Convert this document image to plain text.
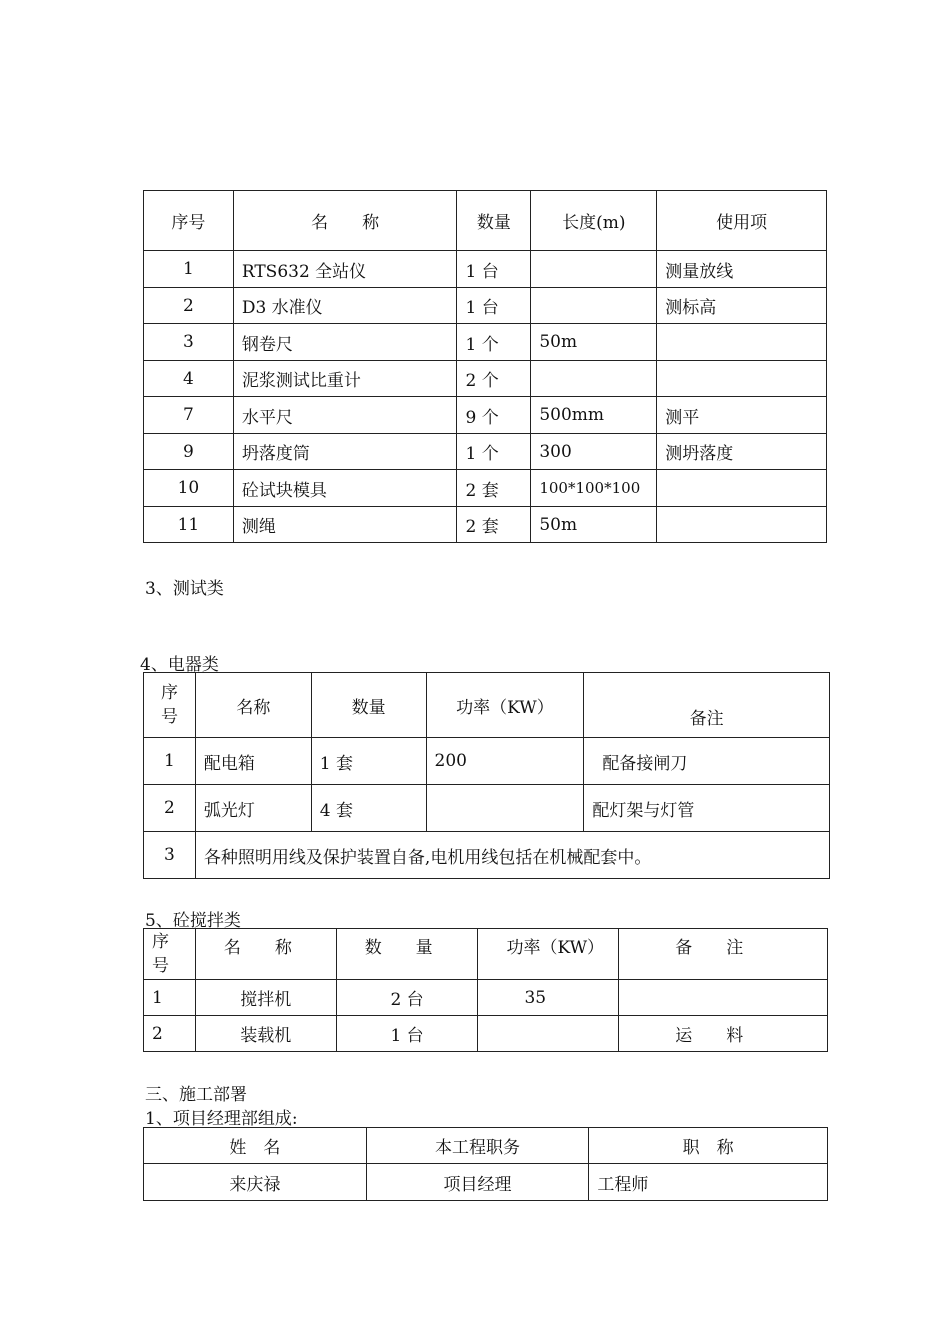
序号	名　　称	数量	长度(m)	使用项
1	RTS632 全站仪	1 台		测量放线
2	D3 水准仪	1 台		测标高
3	钢卷尺	1 个	50m	
4	泥浆测试比重计	2 个		
7	水平尺	9 个	500mm	测平
9	坍落度筒	1 个	300	测坍落度
10	砼试块模具	2 套	100*100*100	
11	测绳	2 套	50m	
3、测试类
4、电器类
序
号	名称	数量	功率（KW）	备注
1	配电箱	1 套	200	配备接闸刀
2	弧光灯	4 套		配灯架与灯管
3	各种照明用线及保护装置自备,电机用线包括在机械配套中。			
5、砼搅拌类
序
号	名　　称	数　　量	功率（KW）	备　　注
1	搅拌机	2 台	35	
2	装载机	1 台		运　　料
三、施工部署
1、项目经理部组成:
姓　名	本工程职务	职　称
来庆禄	项目经理	工程师
